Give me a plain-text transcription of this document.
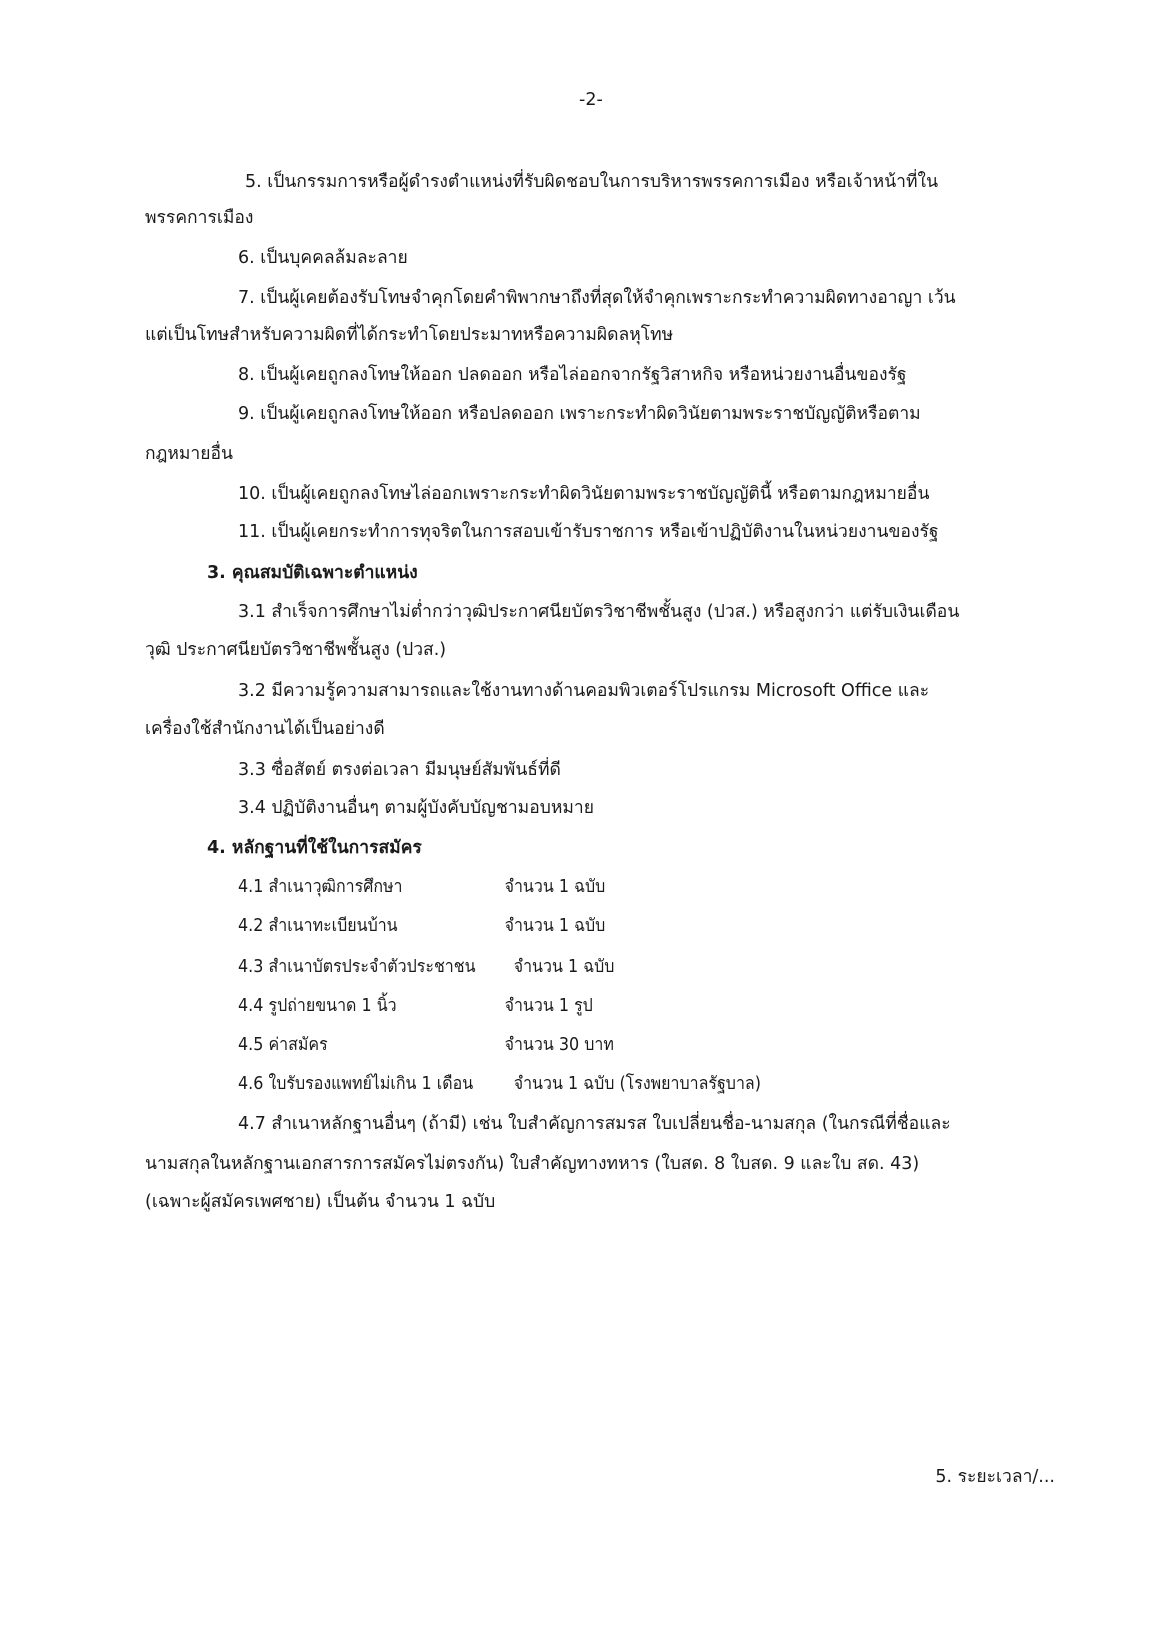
-2-

5. เป็นกรรมการหรือผู้ดำรงตำแหน่งที่รับผิดชอบในการบริหารพรรคการเมือง หรือเจ้าหน้าที่ใน

พรรคการเมือง

6. เป็นบุคคลล้มละลาย

7. เป็นผู้เคยต้องรับโทษจำคุกโดยคำพิพากษาถึงที่สุดให้จำคุกเพราะกระทำความผิดทางอาญา เว้น

แต่เป็นโทษสำหรับความผิดที่ได้กระทำโดยประมาทหรือความผิดลหุโทษ

8. เป็นผู้เคยถูกลงโทษให้ออก ปลดออก หรือไล่ออกจากรัฐวิสาหกิจ หรือหน่วยงานอื่นของรัฐ

9. เป็นผู้เคยถูกลงโทษให้ออก หรือปลดออก เพราะกระทำผิดวินัยตามพระราชบัญญัติหรือตาม

กฎหมายอื่น

10. เป็นผู้เคยถูกลงโทษไล่ออกเพราะกระทำผิดวินัยตามพระราชบัญญัตินี้ หรือตามกฎหมายอื่น

11. เป็นผู้เคยกระทำการทุจริตในการสอบเข้ารับราชการ หรือเข้าปฏิบัติงานในหน่วยงานของรัฐ

3. คุณสมบัติเฉพาะตำแหน่ง

3.1 สำเร็จการศึกษาไม่ต่ำกว่าวุฒิประกาศนียบัตรวิชาชีพชั้นสูง (ปวส.) หรือสูงกว่า แต่รับเงินเดือน

วุฒิ ประกาศนียบัตรวิชาชีพชั้นสูง (ปวส.)

3.2 มีความรู้ความสามารถและใช้งานทางด้านคอมพิวเตอร์โปรแกรม Microsoft Office และ

เครื่องใช้สำนักงานได้เป็นอย่างดี

3.3 ซื่อสัตย์ ตรงต่อเวลา มีมนุษย์สัมพันธ์ที่ดี

3.4 ปฏิบัติงานอื่นๆ ตามผู้บังคับบัญชามอบหมาย

4. หลักฐานที่ใช้ในการสมัคร

4.1 สำเนาวุฒิการศึกษา	จำนวน 1 ฉบับ
4.2 สำเนาทะเบียนบ้าน	จำนวน 1 ฉบับ
4.3 สำเนาบัตรประจำตัวประชาชน จำนวน 1 ฉบับ
4.4 รูปถ่ายขนาด 1 นิ้ว	จำนวน 1 รูป
4.5 ค่าสมัคร	จำนวน 30 บาท
4.6 ใบรับรองแพทย์ไม่เกิน 1 เดือน จำนวน 1 ฉบับ (โรงพยาบาลรัฐบาล)

4.7 สำเนาหลักฐานอื่นๆ (ถ้ามี) เช่น ใบสำคัญการสมรส ใบเปลี่ยนชื่อ-นามสกุล (ในกรณีที่ชื่อและ

นามสกุลในหลักฐานเอกสารการสมัครไม่ตรงกัน) ใบสำคัญทางทหาร (ใบสด. 8 ใบสด. 9 และใบ สด. 43)

(เฉพาะผู้สมัครเพศชาย) เป็นต้น จำนวน 1 ฉบับ

5. ระยะเวลา/...
